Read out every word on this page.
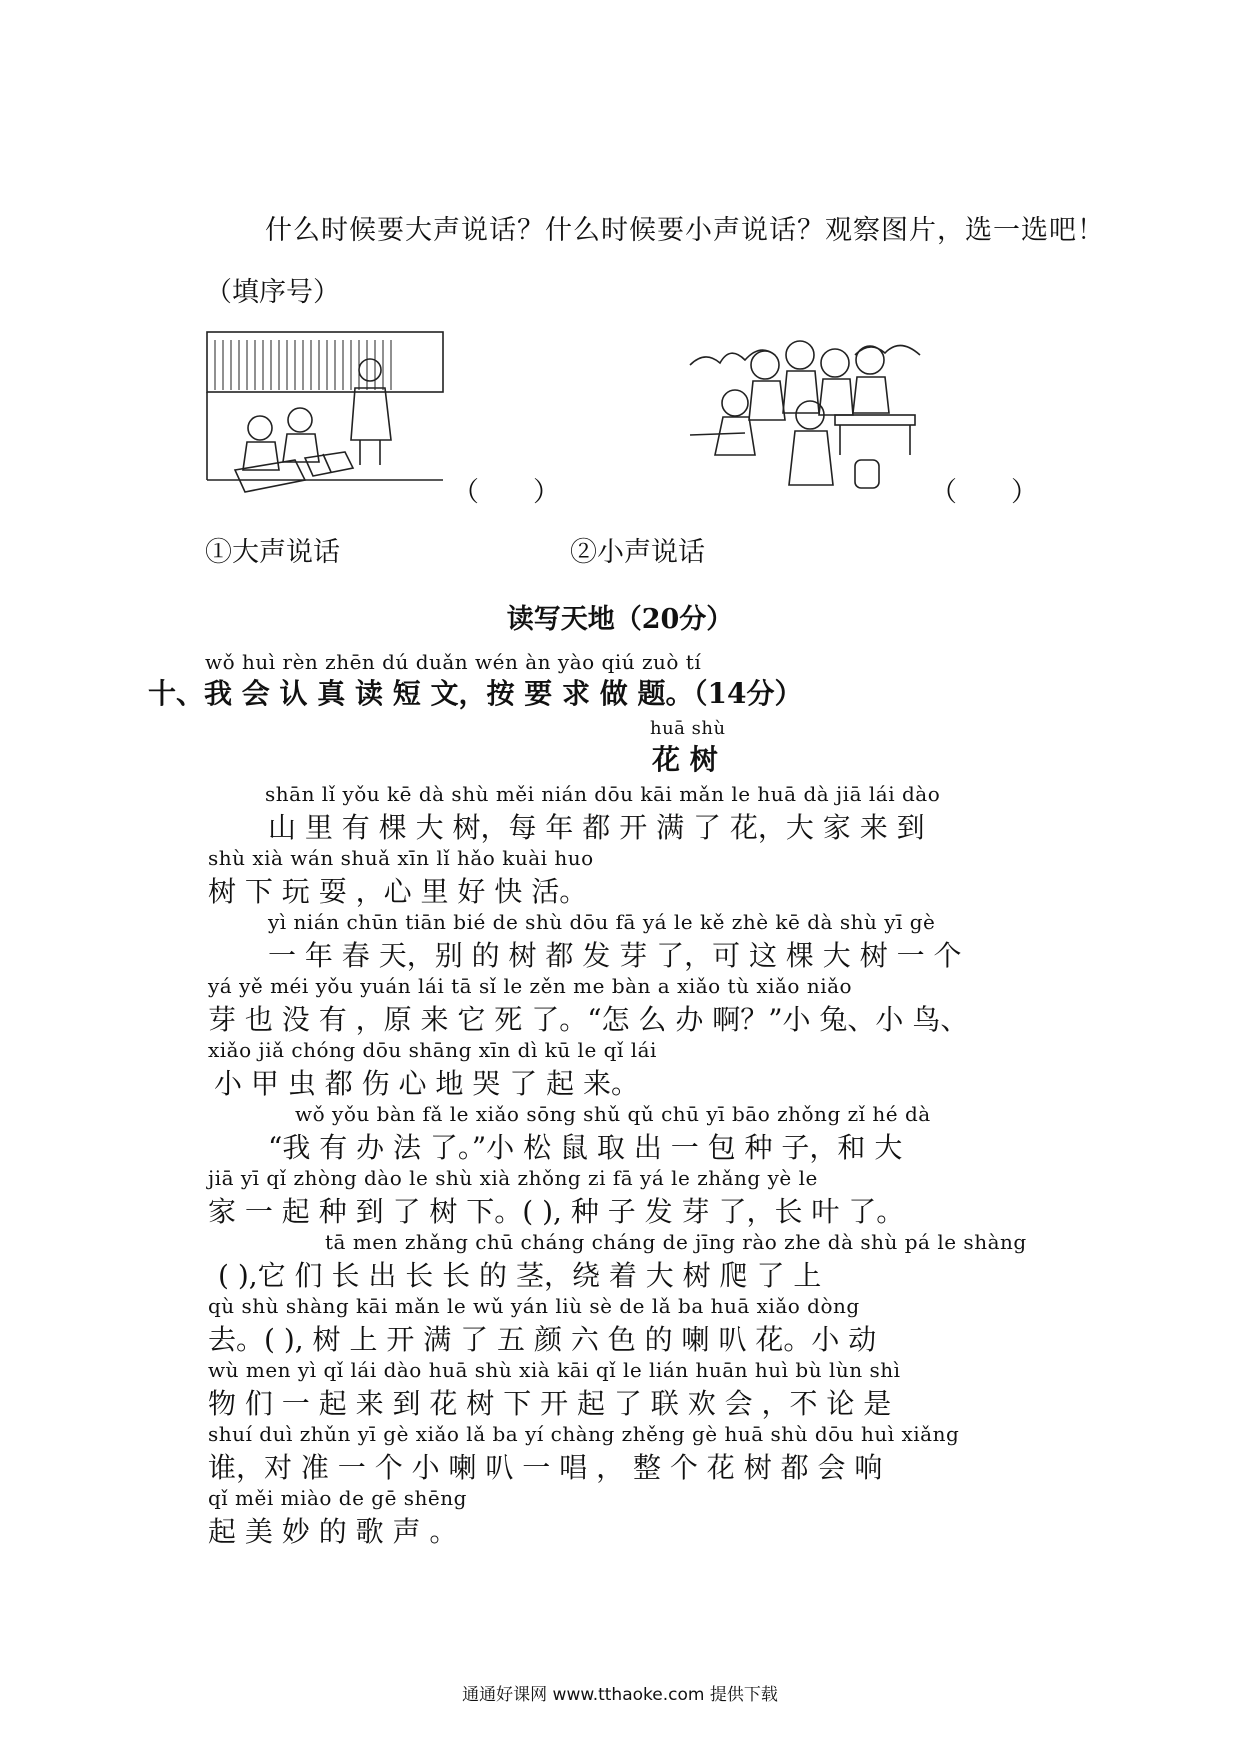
什么时候要大声说话？什么时候要小声说话？观察图片，选一选吧！
（填序号）
（　　）	（　　）
①大声说话	②小声说话
读写天地（20分）
wǒ huì rèn zhēn dú duǎn wén àn yào qiú zuò tí
十、我 会 认 真 读 短 文，按 要 求 做 题。（14分）
huā shù
花 树
shān lǐ yǒu kē dà shù měi nián dōu kāi mǎn le huā dà jiā lái dào
山 里 有 棵 大 树，每 年 都 开 满 了 花，大 家 来 到
shù xià wán shuǎ xīn lǐ hǎo kuài huo
树 下 玩 耍 ，心 里 好 快 活。
yì nián chūn tiān bié de shù dōu fā yá le kě zhè kē dà shù yī gè
一 年 春 天，别 的 树 都 发 芽 了，可 这 棵 大 树 一 个
yá yě méi yǒu yuán lái tā sǐ le zěn me bàn a xiǎo tù xiǎo niǎo
芽 也 没 有 ，原 来 它 死 了。“怎 么 办 啊？”小 兔、小 鸟、
xiǎo jiǎ chóng dōu shāng xīn dì kū le qǐ lái
小 甲 虫 都 伤 心 地 哭 了 起 来。
wǒ yǒu bàn fǎ le xiǎo sōng shǔ qǔ chū yī bāo zhǒng zǐ hé dà
“我 有 办 法 了。”小 松 鼠 取 出 一 包 种 子，和 大
jiā yī qǐ zhòng dào le shù xià zhǒng zi fā yá le zhǎng yè le
家 一 起 种 到 了 树 下。( ), 种 子 发 芽 了，长 叶 了。
tā men zhǎng chū cháng cháng de jīng rào zhe dà shù pá le shàng
( ),它 们 长 出 长 长 的 茎，绕 着 大 树 爬 了 上
qù shù shàng kāi mǎn le wǔ yán liù sè de lǎ ba huā xiǎo dòng
去。( ), 树 上 开 满 了 五 颜 六 色 的 喇 叭 花。小 动
wù men yì qǐ lái dào huā shù xià kāi qǐ le lián huān huì bù lùn shì
物 们 一 起 来 到 花 树 下 开 起 了 联 欢 会 ，不 论 是
shuí duì zhǔn yī gè xiǎo lǎ ba yí chàng zhěng gè huā shù dōu huì xiǎng
谁，对 准 一 个 小 喇 叭 一 唱 ， 整 个 花 树 都 会 响
qǐ měi miào de gē shēng
起 美 妙 的 歌 声 。
通通好课网 www.tthaoke.com 提供下载
